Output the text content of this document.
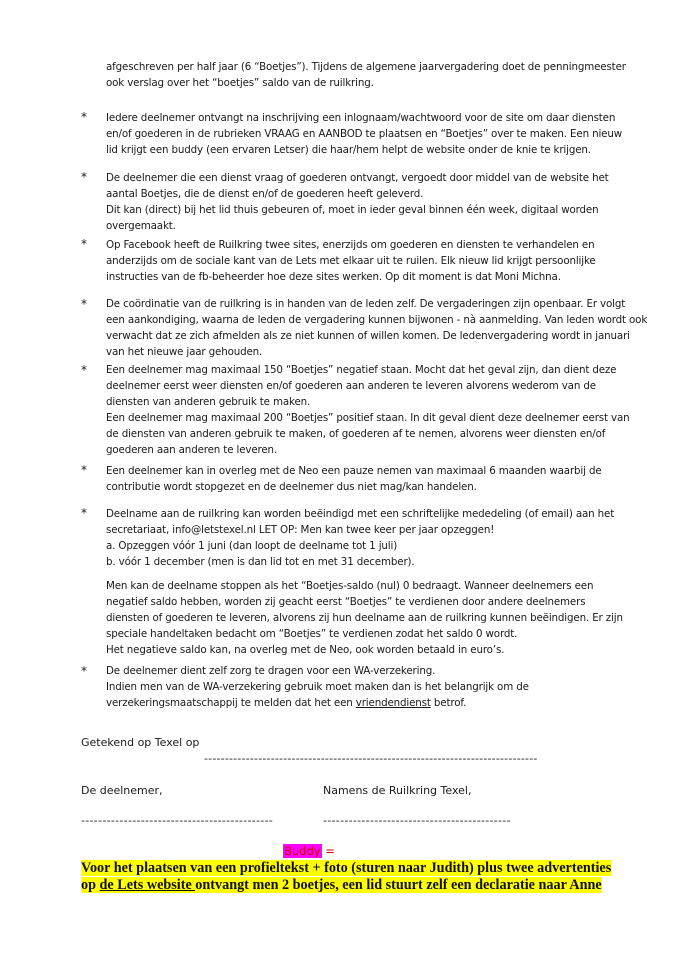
afgeschreven per half jaar (6 “Boetjes”). Tijdens de algemene jaarvergadering doet de penningmeester
ook verslag over het “boetjes” saldo van de ruilkring.
* Iedere deelnemer ontvangt na inschrijving een inlognaam/wachtwoord voor de site om daar diensten
en/of goederen in de rubrieken VRAAG en AANBOD te plaatsen en “Boetjes” over te maken. Een nieuw
lid krijgt een buddy (een ervaren Letser) die haar/hem helpt de website onder de knie te krijgen.
* De deelnemer die een dienst vraag of goederen ontvangt, vergoedt door middel van de website het
aantal Boetjes, die de dienst en/of de goederen heeft geleverd.
Dit kan (direct) bij het lid thuis gebeuren of, moet in ieder geval binnen één week, digitaal worden
overgemaakt.
* Op Facebook heeft de Ruilkring twee sites, enerzijds om goederen en diensten te verhandelen en
anderzijds om de sociale kant van de Lets met elkaar uit te ruilen. Elk nieuw lid krijgt persoonlijke
instructies van de fb-beheerder hoe deze sites werken. Op dit moment is dat Moni Michna.
* De coördinatie van de ruilkring is in handen van de leden zelf. De vergaderingen zijn openbaar. Er volgt
een aankondiging, waarna de leden de vergadering kunnen bijwonen - nà aanmelding. Van leden wordt ook
verwacht dat ze zich afmelden als ze niet kunnen of willen komen. De ledenvergadering wordt in januari
van het nieuwe jaar gehouden.
* Een deelnemer mag maximaal 150 “Boetjes” negatief staan. Mocht dat het geval zijn, dan dient deze
deelnemer eerst weer diensten en/of goederen aan anderen te leveren alvorens wederom van de
diensten van anderen gebruik te maken.
Een deelnemer mag maximaal 200 “Boetjes” positief staan. In dit geval dient deze deelnemer eerst van
de diensten van anderen gebruik te maken, of goederen af te nemen, alvorens weer diensten en/of
goederen aan anderen te leveren.
* Een deelnemer kan in overleg met de Neo een pauze nemen van maximaal 6 maanden waarbij de
contributie wordt stopgezet en de deelnemer dus niet mag/kan handelen.
* Deelname aan de ruilkring kan worden beëindigd met een schriftelijke mededeling (of email) aan het
secretariaat, info@letstexel.nl LET OP: Men kan twee keer per jaar opzeggen!
a. Opzeggen vóór 1 juni (dan loopt de deelname tot 1 juli)
b. vóór 1 december (men is dan lid tot en met 31 december).
Men kan de deelname stoppen als het “Boetjes-saldo (nul) 0 bedraagt. Wanneer deelnemers een
negatief saldo hebben, worden zij geacht eerst “Boetjes” te verdienen door andere deelnemers
diensten of goederen te leveren, alvorens zij hun deelname aan de ruilkring kunnen beëindigen. Er zijn
speciale handeltaken bedacht om “Boetjes” te verdienen zodat het saldo 0 wordt.
Het negatieve saldo kan, na overleg met de Neo, ook worden betaald in euro’s.
* De deelnemer dient zelf zorg te dragen voor een WA-verzekering.
Indien men van de WA-verzekering gebruik moet maken dan is het belangrijk om de
verzekeringsmaatschappij te melden dat het een vriendendienst betrof.
Getekend op Texel op
--------------------------------------------------------------------------------
De deelnemer,	Namens de Ruilkring Texel,
---------------------------------------------	--------------------------------------------
Buddy =
Voor het plaatsen van een profieltekst + foto (sturen naar Judith) plus twee advertenties
op de Lets website ontvangt men 2 boetjes, een lid stuurt zelf een declaratie naar Anne
